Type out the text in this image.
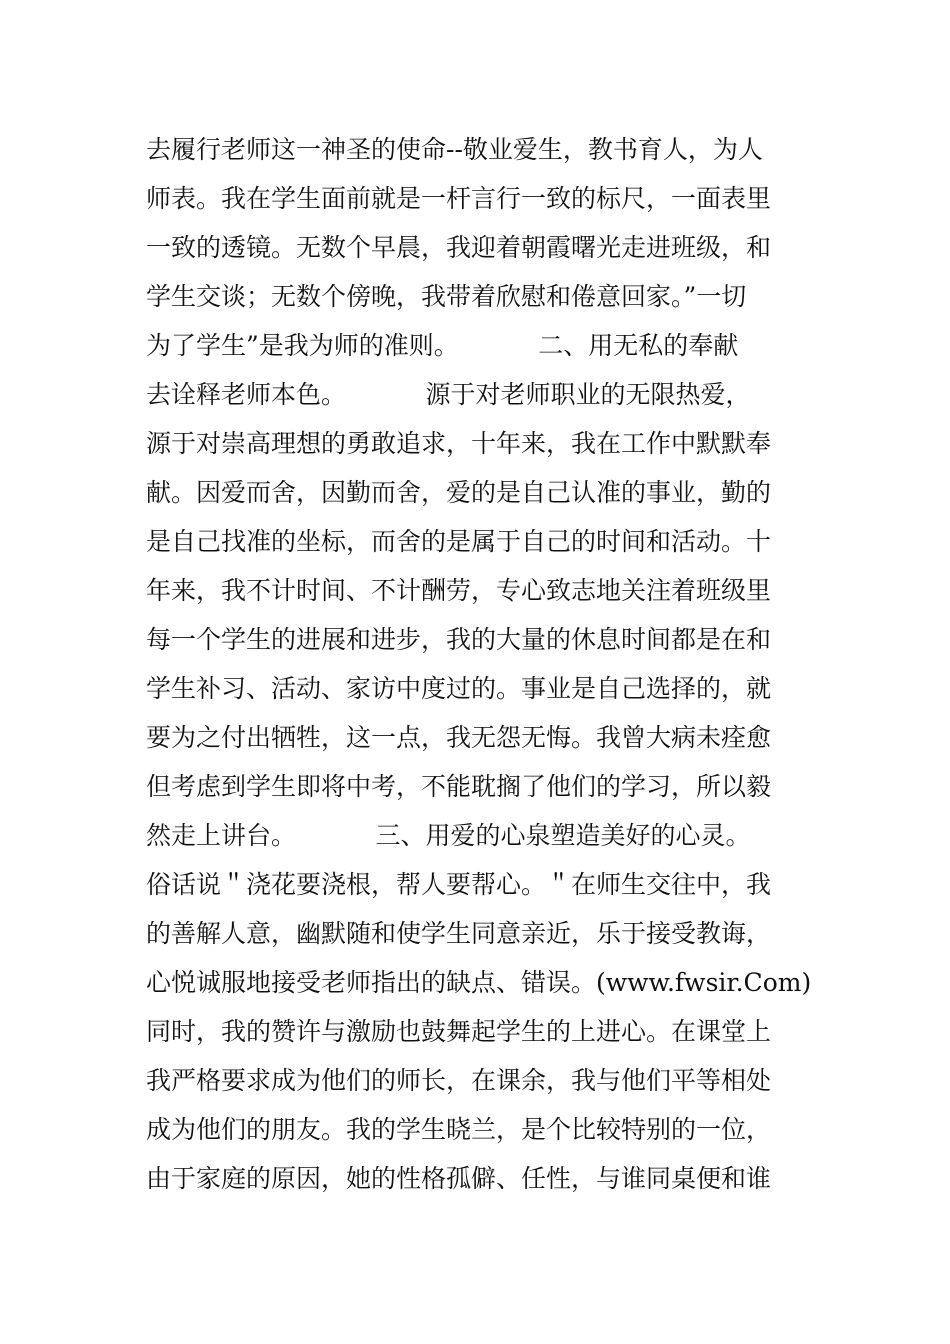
去履行老师这一神圣的使命--敬业爱生，教书育人，为人
师表。我在学生面前就是一杆言行一致的标尺，一面表里
一致的透镜。无数个早晨，我迎着朝霞曙光走进班级，和
学生交谈；无数个傍晚，我带着欣慰和倦意回家。”一切
为了学生”是我为师的准则。          二、用无私的奉献
去诠释老师本色。          源于对老师职业的无限热爱，
源于对崇高理想的勇敢追求，十年来，我在工作中默默奉
献。因爱而舍，因勤而舍，爱的是自己认准的事业，勤的
是自己找准的坐标，而舍的是属于自己的时间和活动。十
年来，我不计时间、不计酬劳，专心致志地关注着班级里
每一个学生的进展和进步，我的大量的休息时间都是在和
学生补习、活动、家访中度过的。事业是自己选择的，就
要为之付出牺牲，这一点，我无怨无悔。我曾大病未痊愈
但考虑到学生即将中考，不能耽搁了他们的学习，所以毅
然走上讲台。          三、用爱的心泉塑造美好的心灵。
俗话说＂浇花要浇根，帮人要帮心。＂在师生交往中，我
的善解人意，幽默随和使学生同意亲近，乐于接受教诲，
心悦诚服地接受老师指出的缺点、错误。(www.fwsir.Com)
同时，我的赞许与激励也鼓舞起学生的上进心。在课堂上
我严格要求成为他们的师长，在课余，我与他们平等相处
成为他们的朋友。我的学生晓兰，是个比较特别的一位，
由于家庭的原因，她的性格孤僻、任性，与谁同桌便和谁
